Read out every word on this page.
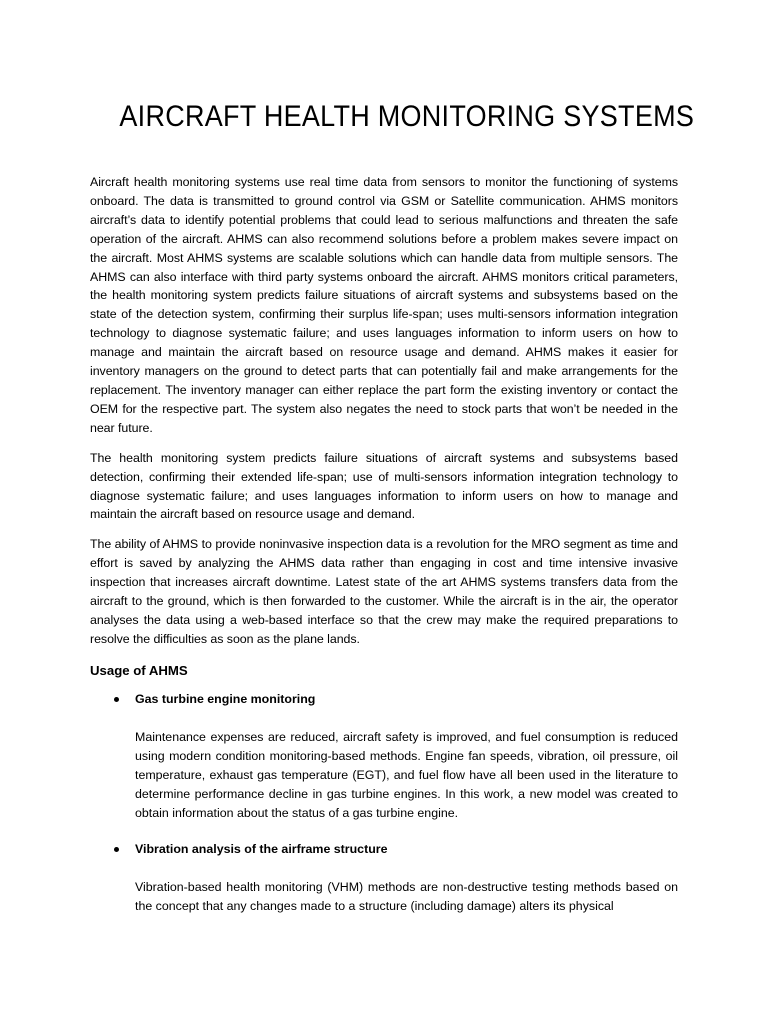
AIRCRAFT HEALTH MONITORING SYSTEMS

Aircraft health monitoring systems use real time data from sensors to monitor the functioning of systems onboard. The data is transmitted to ground control via GSM or Satellite communication. AHMS monitors aircraft’s data to identify potential problems that could lead to serious malfunctions and threaten the safe operation of the aircraft. AHMS can also recommend solutions before a problem makes severe impact on the aircraft. Most AHMS systems are scalable solutions which can handle data from multiple sensors. The AHMS can also interface with third party systems onboard the aircraft. AHMS monitors critical parameters, the health monitoring system predicts failure situations of aircraft systems and subsystems based on the state of the detection system, confirming their surplus life-span; uses multi-sensors information integration technology to diagnose systematic failure; and uses languages information to inform users on how to manage and maintain the aircraft based on resource usage and demand. AHMS makes it easier for inventory managers on the ground to detect parts that can potentially fail and make arrangements for the replacement. The inventory manager can either replace the part form the existing inventory or contact the OEM for the respective part. The system also negates the need to stock parts that won’t be needed in the near future.

The health monitoring system predicts failure situations of aircraft systems and subsystems based detection, confirming their extended life-span; use of multi-sensors information integration technology to diagnose systematic failure; and uses languages information to inform users on how to manage and maintain the aircraft based on resource usage and demand.

The ability of AHMS to provide noninvasive inspection data is a revolution for the MRO segment as time and effort is saved by analyzing the AHMS data rather than engaging in cost and time intensive invasive inspection that increases aircraft downtime. Latest state of the art AHMS systems transfers data from the aircraft to the ground, which is then forwarded to the customer. While the aircraft is in the air, the operator analyses the data using a web-based interface so that the crew may make the required preparations to resolve the difficulties as soon as the plane lands.

Usage of AHMS
Gas turbine engine monitoring

Maintenance expenses are reduced, aircraft safety is improved, and fuel consumption is reduced using modern condition monitoring-based methods. Engine fan speeds, vibration, oil pressure, oil temperature, exhaust gas temperature (EGT), and fuel flow have all been used in the literature to determine performance decline in gas turbine engines. In this work, a new model was created to obtain information about the status of a gas turbine engine.

Vibration analysis of the airframe structure

Vibration-based health monitoring (VHM) methods are non-destructive testing methods based on the concept that any changes made to a structure (including damage) alters its physical
